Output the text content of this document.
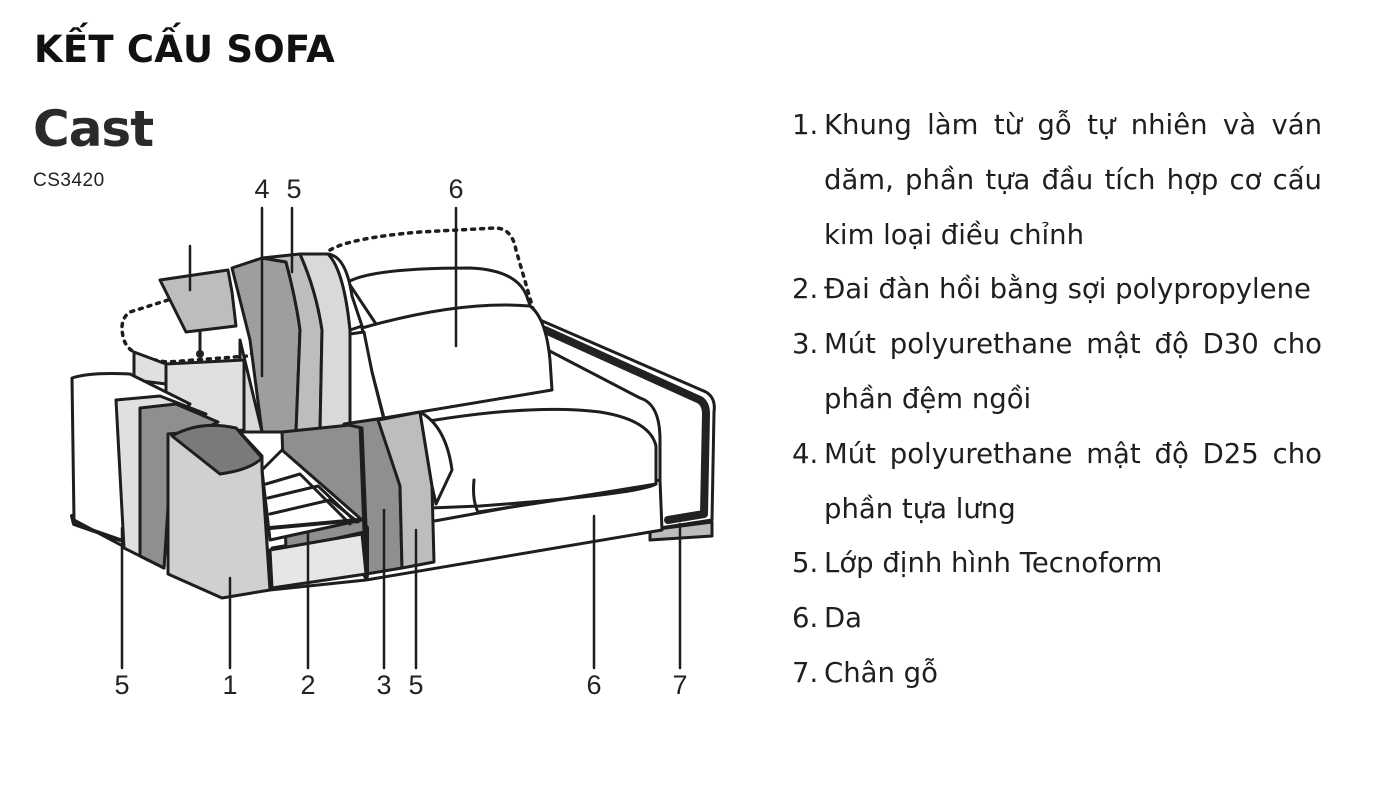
KẾT CẤU SOFA
Cast
CS3420	4 5	6
5	1 2 3 5	6	7
1. Khung làm từ gỗ tự nhiên và ván dăm, phần tựa đầu tích hợp cơ cấu kim loại điều chỉnh
2. Đai đàn hồi bằng sợi polypropylene
3. Mút polyurethane mật độ D30 cho phần đệm ngồi
4. Mút polyurethane mật độ D25 cho phần tựa lưng
5. Lớp định hình Tecnoform
6. Da
7. Chân gỗ
